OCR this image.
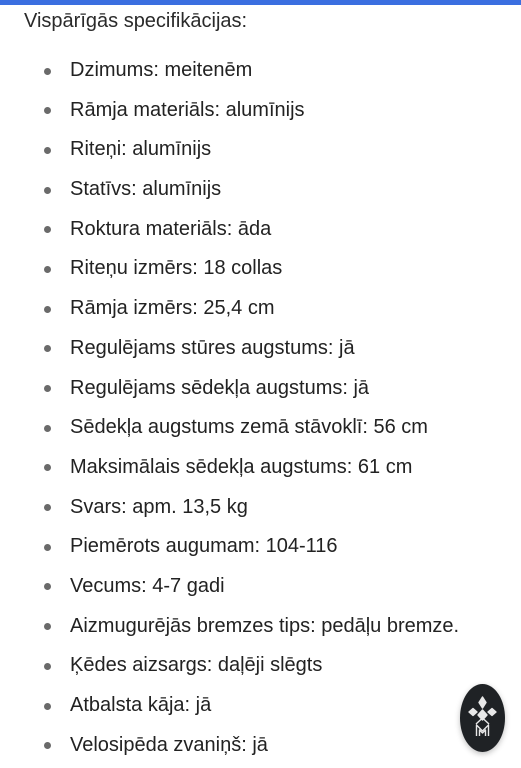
Vispārīgās specifikācijas:
Dzimums: meitenēm
Rāmja materiāls: alumīnijs
Riteņi: alumīnijs
Statīvs: alumīnijs
Roktura materiāls: āda
Riteņu izmērs: 18 collas
Rāmja izmērs: 25,4 cm
Regulējams stūres augstums: jā
Regulējams sēdekļa augstums: jā
Sēdekļa augstums zemā stāvoklī: 56 cm
Maksimālais sēdekļa augstums: 61 cm
Svars: apm. 13,5 kg
Piemērots augumam: 104-116
Vecums: 4-7 gadi
Aizmugurējās bremzes tips: pedāļu bremze.
Ķēdes aizsargs: daļēji slēgts
Atbalsta kāja: jā
Velosipēda zvaniņš: jā
